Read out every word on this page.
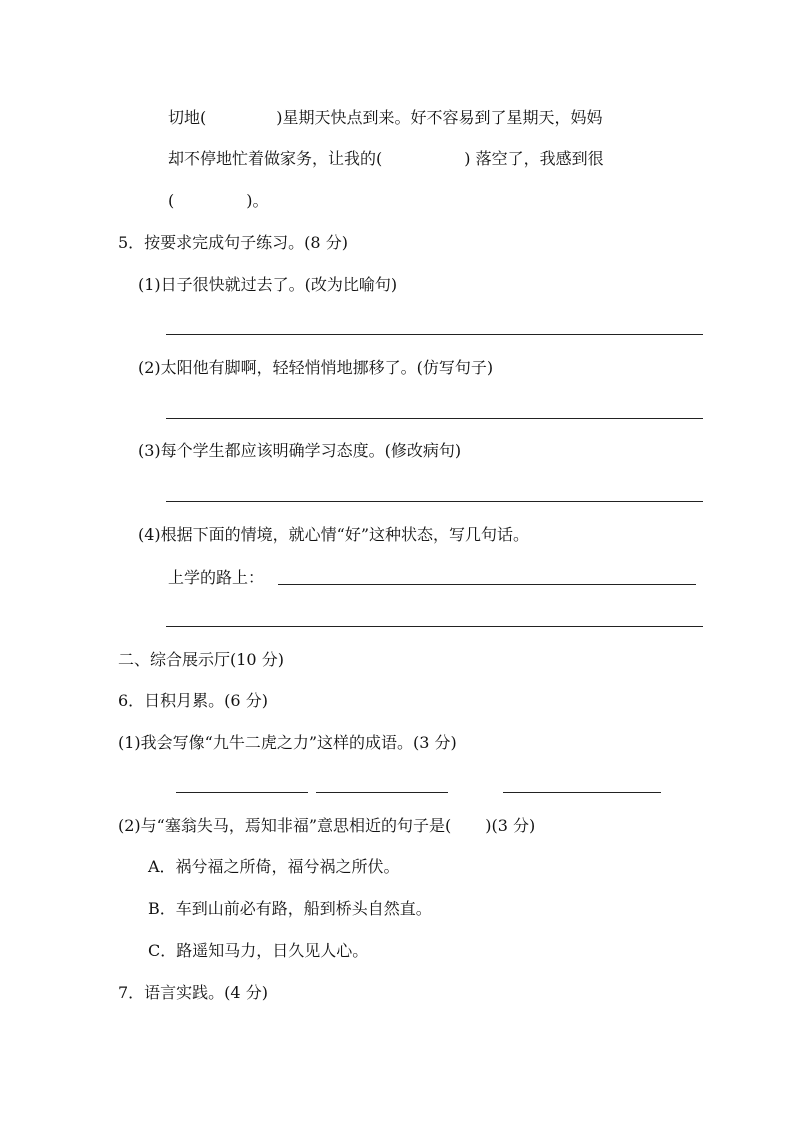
切地(	)星期天快点到来。好不容易到了星期天，妈妈
却不停地忙着做家务，让我的(	) 落空了，我感到很
(	)。
5．按要求完成句子练习。(8 分)
(1)日子很快就过去了。(改为比喻句)
(2)太阳他有脚啊，轻轻悄悄地挪移了。(仿写句子)
(3)每个学生都应该明确学习态度。(修改病句)
(4)根据下面的情境，就心情“好”这种状态，写几句话。
上学的路上：
二、综合展示厅(10 分)
6．日积月累。(6 分)
(1)我会写像“九牛二虎之力”这样的成语。(3 分)
(2)与“塞翁失马，焉知非福”意思相近的句子是( )(3 分)
A．祸兮福之所倚，福兮祸之所伏。
B．车到山前必有路，船到桥头自然直。
C．路遥知马力，日久见人心。
7．语言实践。(4 分)
